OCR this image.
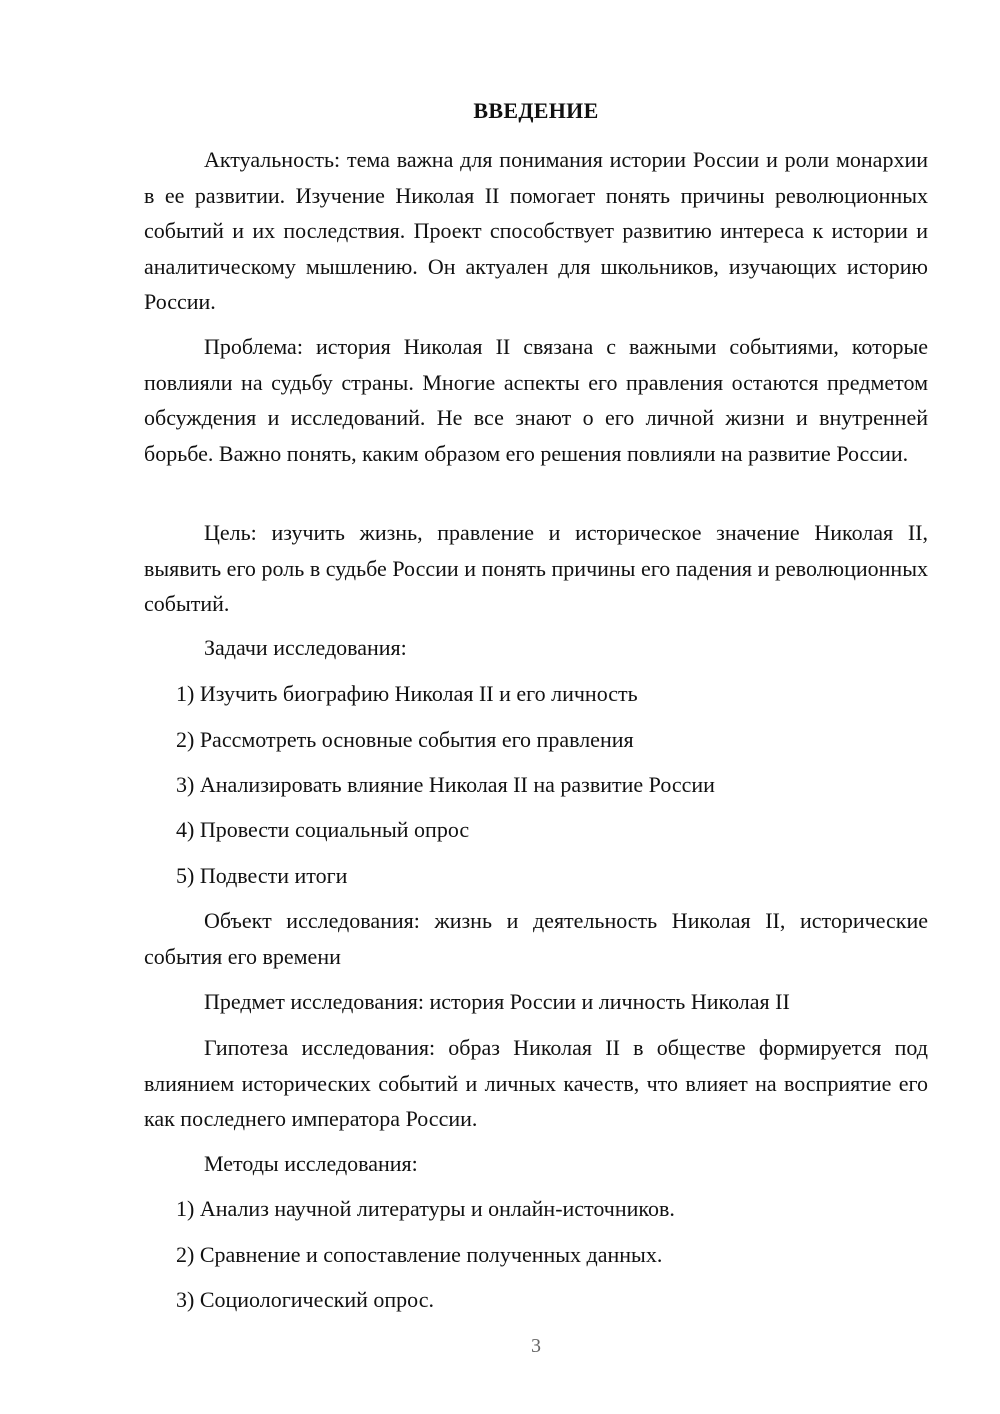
ВВЕДЕНИЕ

Актуальность: тема важна для понимания истории России и роли монархии в ее развитии. Изучение Николая II помогает понять причины революционных событий и их последствия. Проект способствует развитию интереса к истории и аналитическому мышлению. Он актуален для школьников, изучающих историю России.

Проблема: история Николая II связана с важными событиями, которые повлияли на судьбу страны. Многие аспекты его правления остаются предметом обсуждения и исследований. Не все знают о его личной жизни и внутренней борьбе. Важно понять, каким образом его решения повлияли на развитие России.

Цель: изучить жизнь, правление и историческое значение Николая II, выявить его роль в судьбе России и понять причины его падения и революционных событий.

Задачи исследования:

1) Изучить биографию Николая II и его личность

2) Рассмотреть основные события его правления

3) Анализировать влияние Николая II на развитие России

4) Провести социальный опрос

5) Подвести итоги

Объект исследования: жизнь и деятельность Николая II, исторические события его времени

Предмет исследования: история России и личность Николая II

Гипотеза исследования: образ Николая II в обществе формируется под влиянием исторических событий и личных качеств, что влияет на восприятие его как последнего императора России.

Методы исследования:

1) Анализ научной литературы и онлайн-источников.

2) Сравнение и сопоставление полученных данных.

3) Социологический опрос.

3
